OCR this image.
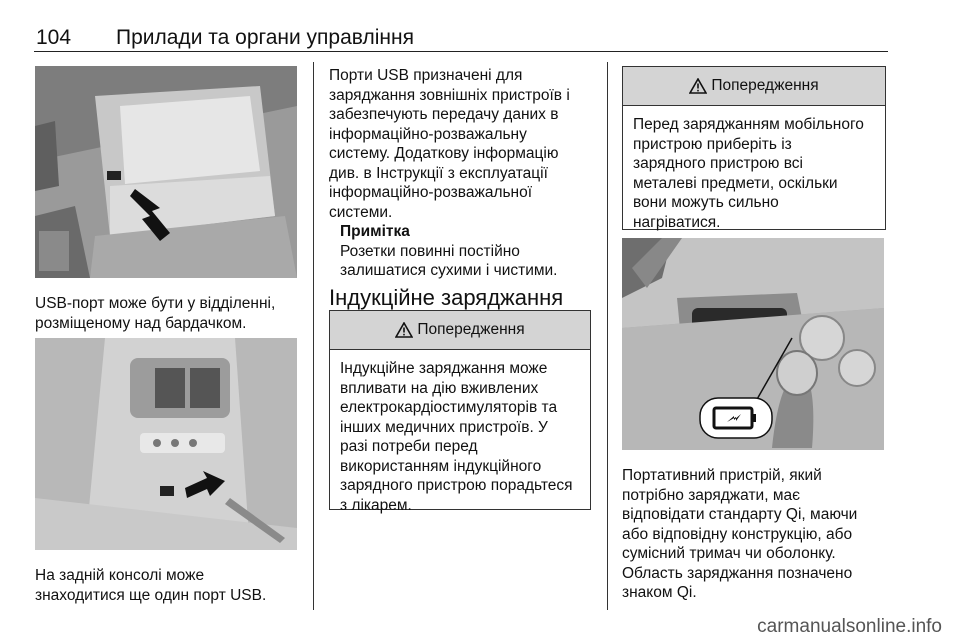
104 Прилади та органи управління
USB-порт може бути у відділенні,
розміщеному над бардачком.
На задній консолі може
знаходитися ще один порт USB.
Порти USB призначені для
заряджання зовнішніх пристроїв і
забезпечують передачу даних в
інформаційно-розважальну
систему. Додаткову інформацію
див. в Інструкції з експлуатації
інформаційно-розважальної
системи.
Примітка
Розетки повинні постійно
залишатися сухими і чистими.
Індукційне заряджання
Попередження
Індукційне заряджання може
впливати на дію вживлених
електрокардіостимуляторів та
інших медичних пристроїв. У
разі потреби перед
використанням індукційного
зарядного пристрою порадьтеся
з лікарем.
Попередження
Перед заряджанням мобільного
пристрою приберіть із
зарядного пристрою всі
металеві предмети, оскільки
вони можуть сильно
нагріватися.
Портативний пристрій, який
потрібно заряджати, має
відповідати стандарту Qi, маючи
або відповідну конструкцію, або
сумісний тримач чи оболонку.
Область заряджання позначено
знаком Qi.
carmanualsonline.info
